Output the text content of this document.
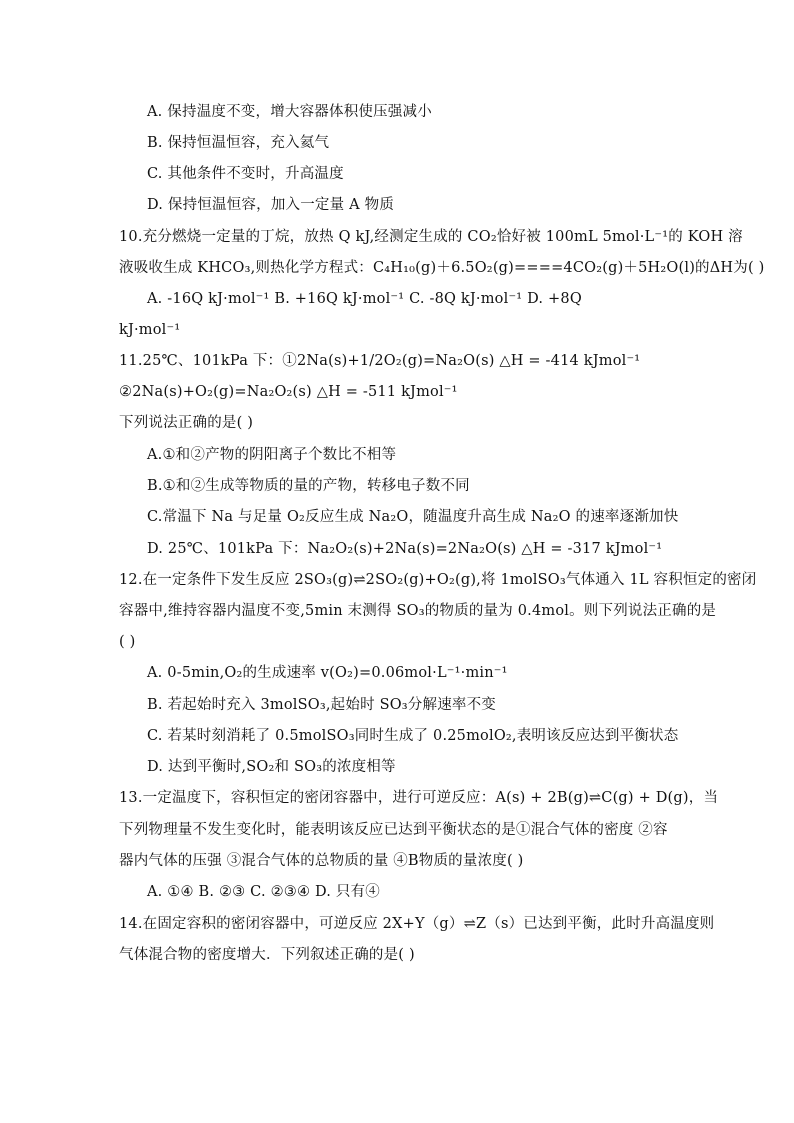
A. 保持温度不变，增大容器体积使压强减小
B. 保持恒温恒容，充入氦气
C. 其他条件不变时，升高温度
D. 保持恒温恒容，加入一定量 A 物质
10.充分燃烧一定量的丁烷，放热 Q kJ,经测定生成的 CO₂恰好被 100mL 5mol·L⁻¹的 KOH 溶
液吸收生成 KHCO₃,则热化学方程式：C₄H₁₀(g)＋6.5O₂(g)====4CO₂(g)＋5H₂O(l)的ΔH为( )
A. -16Q kJ·mol⁻¹ B. +16Q kJ·mol⁻¹ C. -8Q kJ·mol⁻¹ D. +8Q
kJ·mol⁻¹
11.25℃、101kPa 下：①2Na(s)+1/2O₂(g)=Na₂O(s) △H = -414 kJmol⁻¹
②2Na(s)+O₂(g)=Na₂O₂(s) △H = -511 kJmol⁻¹
下列说法正确的是( )
A.①和②产物的阴阳离子个数比不相等
B.①和②生成等物质的量的产物，转移电子数不同
C.常温下 Na 与足量 O₂反应生成 Na₂O，随温度升高生成 Na₂O 的速率逐渐加快
D. 25℃、101kPa 下：Na₂O₂(s)+2Na(s)=2Na₂O(s) △H = -317 kJmol⁻¹
12.在一定条件下发生反应 2SO₃(g)⇌2SO₂(g)+O₂(g),将 1molSO₃气体通入 1L 容积恒定的密闭
容器中,维持容器内温度不变,5min 末测得 SO₃的物质的量为 0.4mol。则下列说法正确的是
( )
A. 0-5min,O₂的生成速率 v(O₂)=0.06mol·L⁻¹·min⁻¹
B. 若起始时充入 3molSO₃,起始时 SO₃分解速率不变
C. 若某时刻消耗了 0.5molSO₃同时生成了 0.25molO₂,表明该反应达到平衡状态
D. 达到平衡时,SO₂和 SO₃的浓度相等
13.一定温度下，容积恒定的密闭容器中，进行可逆反应：A(s) + 2B(g)⇌C(g) + D(g)，当
下列物理量不发生变化时，能表明该反应已达到平衡状态的是①混合气体的密度 ②容
器内气体的压强 ③混合气体的总物质的量 ④B物质的量浓度( )
A. ①④ B. ②③ C. ②③④ D. 只有④
14.在固定容积的密闭容器中，可逆反应 2X+Y（g）⇌Z（s）已达到平衡，此时升高温度则
气体混合物的密度增大．下列叙述正确的是( )
